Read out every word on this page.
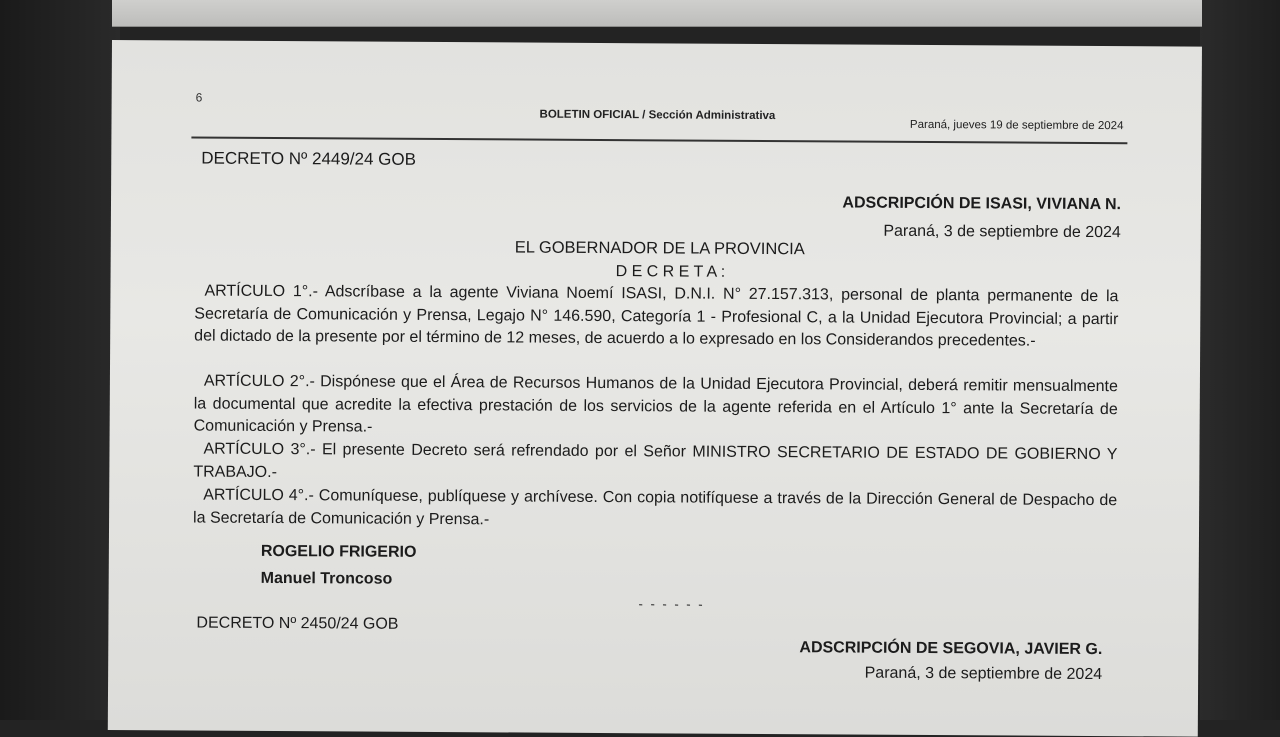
6
BOLETIN OFICIAL / Sección Administrativa
Paraná, jueves 19 de septiembre de 2024
DECRETO Nº 2449/24 GOB
ADSCRIPCIÓN DE ISASI, VIVIANA N.
Paraná, 3 de septiembre de 2024
EL GOBERNADOR DE LA PROVINCIA
D E C R E T A :
ARTÍCULO 1°.- Adscríbase a la agente Viviana Noemí ISASI, D.N.I. N° 27.157.313, personal de planta permanente de la Secretaría de Comunicación y Prensa, Legajo N° 146.590, Categoría 1 - Profesional C, a la Unidad Ejecutora Provincial; a partir del dictado de la presente por el término de 12 meses, de acuerdo a lo expresado en los Considerandos precedentes.-
ARTÍCULO 2°.- Dispónese que el Área de Recursos Humanos de la Unidad Ejecutora Provincial, deberá remitir mensualmente la documental que acredite la efectiva prestación de los servicios de la agente referida en el Artículo 1° ante la Secretaría de Comunicación y Prensa.-
ARTÍCULO 3°.- El presente Decreto será refrendado por el Señor MINISTRO SECRETARIO DE ESTADO DE GOBIERNO Y TRABAJO.-
ARTÍCULO 4°.- Comuníquese, publíquese y archívese. Con copia notifíquese a través de la Dirección General de Despacho de la Secretaría de Comunicación y Prensa.-
ROGELIO FRIGERIO
Manuel Troncoso
- - - - - -
DECRETO Nº 2450/24 GOB
ADSCRIPCIÓN DE SEGOVIA, JAVIER G.
Paraná, 3 de septiembre de 2024
